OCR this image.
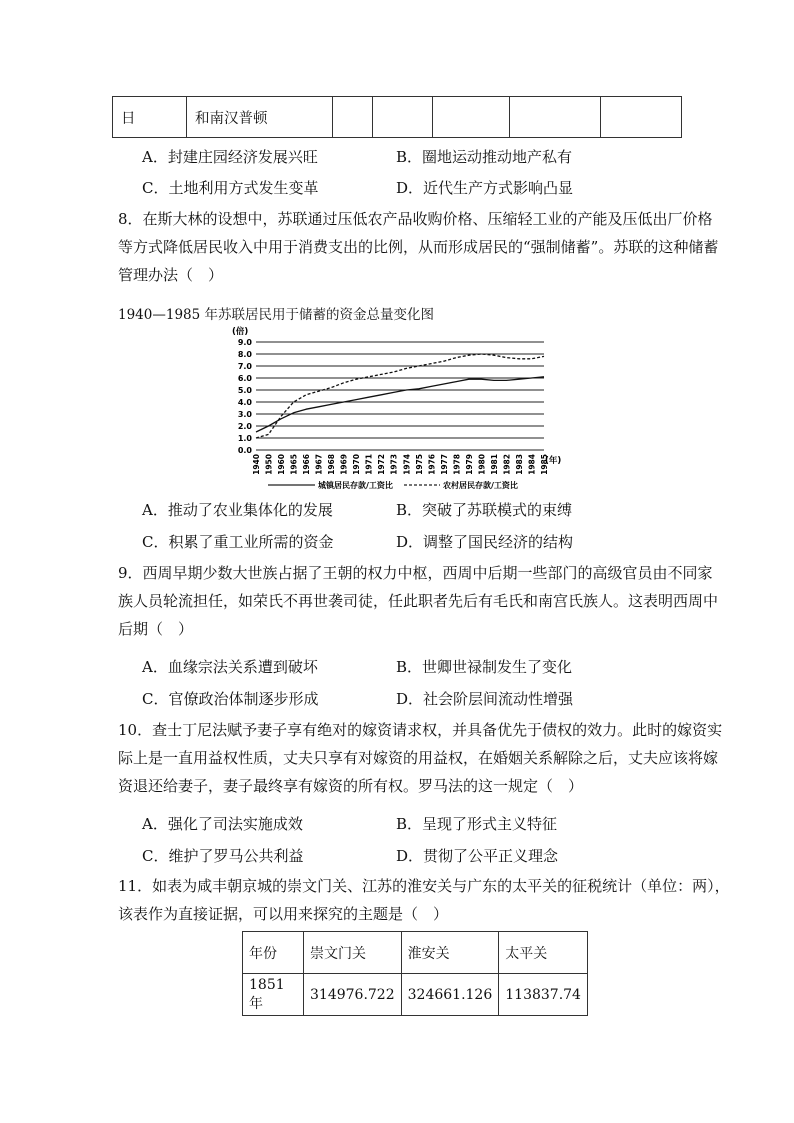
日	和南汉普顿					
A．封建庄园经济发展兴旺	B．圈地运动推动地产私有
C．土地利用方式发生变革	D．近代生产方式影响凸显
8．在斯大林的设想中，苏联通过压低农产品收购价格、压缩轻工业的产能及压低出厂价格
等方式降低居民收入中用于消费支出的比例，从而形成居民的“强制储蓄”。苏联的这种储蓄
管理办法（　）
1940—1985 年苏联居民用于储蓄的资金总量变化图
0.0
1.0
2.0
3.0
4.0
5.0
6.0
7.0
8.0
9.0
1940 1950 1960 1965 1966 1967 1968 1969 1970 1971 1972 1973 1974 1975 1976 1977 1978 1979 1980 1981 1982 1983 1984 1985
(倍)
(年)
城镇居民存款/工资比	农村居民存款/工资比
A．推动了农业集体化的发展	B．突破了苏联模式的束缚
C．积累了重工业所需的资金	D．调整了国民经济的结构
9．西周早期少数大世族占据了王朝的权力中枢，西周中后期一些部门的高级官员由不同家
族人员轮流担任，如荣氏不再世袭司徒，任此职者先后有毛氏和南宫氏族人。这表明西周中
后期（　）
A．血缘宗法关系遭到破坏	B．世卿世禄制发生了变化
C．官僚政治体制逐步形成	D．社会阶层间流动性增强
10．查士丁尼法赋予妻子享有绝对的嫁资请求权，并具备优先于债权的效力。此时的嫁资实
际上是一直用益权性质，丈夫只享有对嫁资的用益权，在婚姻关系解除之后，丈夫应该将嫁
资退还给妻子，妻子最终享有嫁资的所有权。罗马法的这一规定（　）
A．强化了司法实施成效	B．呈现了形式主义特征
C．维护了罗马公共利益	D．贯彻了公平正义理念
11．如表为咸丰朝京城的崇文门关、江苏的淮安关与广东的太平关的征税统计（单位：两），
该表作为直接证据，可以用来探究的主题是（　）
年份	崇文门关	淮安关	太平关
1851 年	314976.722	324661.126	113837.74
